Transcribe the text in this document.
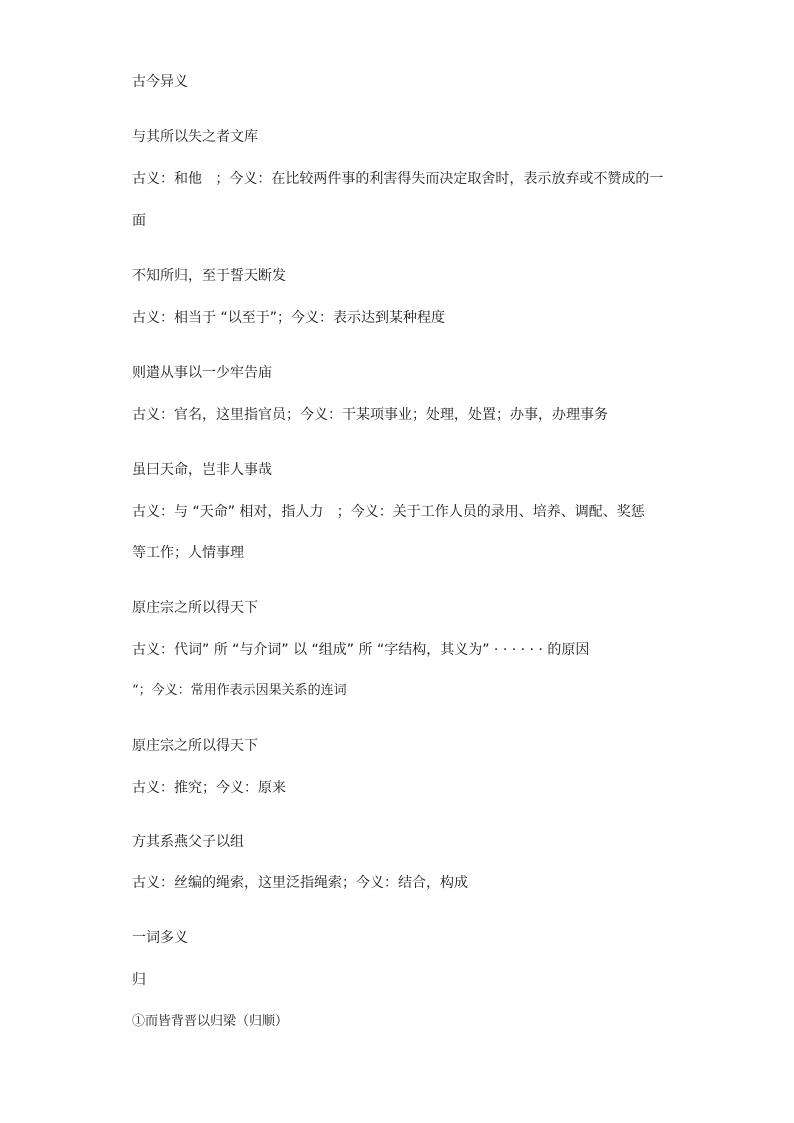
古今异义
与其所以失之者文库
古义：和他   ；今义：在比较两件事的利害得失而决定取舍时，表示放弃或不赞成的一
面
不知所归，至于誓天断发
古义：相当于 “以至于”；今义：表示达到某种程度
则遣从事以一少牢告庙
古义：官名，这里指官员；今义：干某项事业；处理，处置；办事，办理事务
虽曰天命，岂非人事哉
古义：与 “天命” 相对，指人力   ；今义：关于工作人员的录用、培养、调配、奖惩
等工作；人情事理
原庄宗之所以得天下
古义：代词” 所 “与介词” 以 “组成” 所 “字结构，其义为” · · · · · · 的原因
“；今义：常用作表示因果关系的连词
原庄宗之所以得天下
古义：推究；今义：原来
方其系燕父子以组
古义：丝编的绳索，这里泛指绳索；今义：结合，构成
一词多义
归
①而皆背晋以归梁（归顺）
